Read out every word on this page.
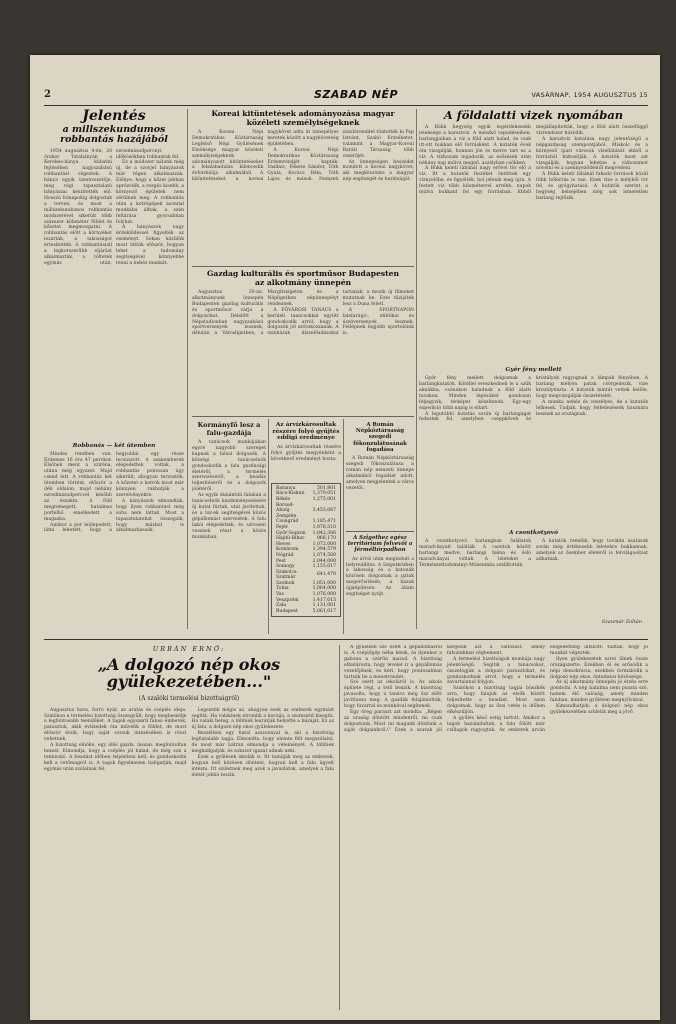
2	SZABAD NÉP	VASÁRNAP, 1954 AUGUSZTUS 15
Jelentés
a millszekundumos robbantás hazájából

1954 augusztus 4-én, 20 órakor Tatabányán a Kerekes-bánya külszíni fejtésében nagyszabású robbantást végeztek. A bánya egyik üzemvezetője, meg régi tapasztalatú bányászai készítették elő. Hosszú hónapokig dolgoztak a terven, és most a millszekundumos robbantás módszerével sikerült több százezer köbméter földet és kőzetet megmozgatni. A robbantás előtt a környéket lezárták, a lakosságot értesítették. A robbantásnál a legkorszerűbb eljárást alkalmazták, a töltetek egymás után, ezredmásodpercnyi időközökben robbantak fel.

Ez a módszer nálunk még új, de a szovjet bányászok már régen alkalmazzák. Előnye, hogy a kőzet jobban aprózódik, a rezgés kisebb, a környező épületek nem sérülnek meg. A robbantás után a kotrógépek azonnal munkába álltak, a szén feltárása gyorsabban folyhat.

A bányászok nagy érdeklődéssel figyelték az eseményt. Sokan közülük most látták először, hogyan lehet a tudomány segítségével könnyebbé tenni a nehéz munkát.

Robbanás — két ütemben

Mindez rendben van. Érdemes 16 óra 47 perckor. Elsőnek ment a sziréna, utána még egyszer. Majd csend lett. A robbantás két ütemben történt, először a déli oldalon, majd néhány ezredmásodperccel később az északin. A föld megremegett, hatalmas porfelhő emelkedett a magasba.

Amikor a por leülepedett, látni lehetett, hogy a hegyoldal egy része lecsúszott. A szakemberek elégedettek voltak, a robbantás pontosan úgy sikerült, ahogyan tervezték. A kőzetet a kotrók most már könnyen rakhatják a szerelvényekre.

A bányászok elmondták, hogy ilyen robbantást még soha nem láttak. Most a tapasztalatokat összegzik, hogy máshol is alkalmazhassák.

Koreai kitüntetések adományozása magyar közéleti személyiségeknek

A Koreai Népi Demokratikus Köztársaság Legfelső Népi Gyűlésének Elnöksége magyar közéleti személyiségeknek adományozott kitüntetéseket a felszabadulás kilencedik évfordulója alkalmából. A kitüntetéseket a koreai nagykövet adta át ünnepélyes keretek között a nagykövetség épületében.

A Koreai Népi Demokratikus Köztársaság Érdemrendjét kapták: Vasilnic, Fekete Sándor, Tóth Gyula, Kovács Béla, Tóth Lajos és mások. Nemzeti zászlórenddel tüntették ki Pap Istvánt, Szabó Erzsébetet, valamint a Magyar-Koreai Baráti Társaság több vezetőjét.

Az ünnepségen beszédet mondott a koreai nagykövet, aki megköszönte a magyar nép segítségét és barátságát.

A földalatti vizek nyomában

A Bükk hegység egyik legérdekesebb jelensége a karsztvíz. A mészkő repedéseiben, barlangjaiban a víz a föld alatt halad, és csak itt-ott bukkan elő forrásként. A kutatók évek óta vizsgálják, honnan jön és merre tart ez a víz. A vízhozam ingadozik, az esőzések után néhány nap múlva megnő, aszályban csökken.

A Bükk keleti lábánál nagy erővel tör elő a víz. Itt a kutatók festéket öntöttek egy víznyelőbe, és figyelték, hol jelenik meg újra. A festett víz több kilométerrel arrébb, napok múlva bukkant fel egy forrásban. Ebből megállapították, hogy a föld alatt összefüggő vízrendszer húzódik.

A karsztvíz kutatása nagy jelentőségű a népgazdaság szempontjából. Miskolc és a környező ipari városok vízellátását ebből a forrásból biztosítják. A kutatók most azt vizsgálják, hogyan lehetne a vízhozamot növelni és a szennyeződéstől megvédeni.

A Bükk keleti lábánál fakadó források közül több hőforrás is van. Ezek vize a mélyből tör fel, és gyógyhatású. A kutatók szerint a hegység belsejében még sok ismeretlen barlang rejtőzik.

Gyér fény mellett

Gyér fény mellett dolgoznak a barlangkutatók. Kötéllel ereszkednek le a szűk aknákba, csónakon haladnak a föld alatti tavakon. Minden lépésüket gondosan feljegyzik, térképet készítenek. Egy-egy expedíció több napig is eltart.

A legutóbbi kutatás során új barlangágat fedeztek fel, amelyben cseppkövek és kristályok ragyognak a lámpák fényében. A barlang mélyén patak csörgedezik, vize kristálytiszta. A kutatók mintát vettek belőle, hogy megvizsgálják összetételét.

A munka nehéz és veszélyes, de a kutatók lelkesek. Tudják, hogy felfedezéseik hasznára lesznek az országnak.

A csontkotyovó

A csontkotyovó barlangban ősállatok maradványait találták. A csontok között barlangi medve, barlangi hiéna és ősló maradványai voltak. A leleteket a Természettudományi Múzeumba szállították.

A kutatók remélik, hogy további ásatások során még értékesebb leletekre bukkannak, amelyek az ősember életéről is felvilágosítást adhatnak.

Szaumár Zoltán
Gazdag kulturális és sportműsor Budapesten az alkotmány ünnepén

Augusztus 20-án, alkotmányunk ünnepén Budapesten gazdag kulturális és sportműsor várja a dolgozókat. Délelőtt a Népstadionban nagyszabású sportversenyek lesznek, délután a Városligetben, a Margitszigeten és a Népligetben népünnepélyt rendeznek.

A FŐVÁROSI TANÁCS a kerületi tanácsokkal együtt gondoskodik arról, hogy a dolgozók jól szórakozzanak. A színházak díszelőadásokat tartanak, a mozik új filmeket mutatnak be. Este tűzijáték lesz a Duna felett.

A SPORTNAPON labdarúgó-, atlétikai és úszóversenyek lesznek. Fellépnek legjobb sportolóink is.

Kormányfő lesz a falu-gazdája

A tanácsok munkájában egyre nagyobb szerepet kapnak a falusi dolgozók. A községi tanácselnök gondoskodik a falu gazdasági életéről, a termelés szervezéséről, a beadás teljesítéséről és a dolgozók jólétéről.

Az egyik dunántúli faluban a tanácselnök kezdeményezésére új kutat fúrtak, utat javítottak, és a tsz-ek segítségével közös gépállomást szerveztek. A falu lakói elégedettek, és szívesen vesznek részt a közös munkában.

Az árvízkárosultak részére folyó gyűjtés eddigi eredménye

Az árvízkárosultak részére folyó gyűjtés megyénként a következő eredményt hozta:

Baranya	501,801
Bács-Kiskun	1,379,051
Békés	1,275,001
Borsod-Abaúj-Zemplén	3,455,087
Csongrád	1,185,471
Fejér	1,076,510
Győr-Sopron	1,042,306
Hajdú-Bihar	866,170
Heves	1,072,000
Komárom	1,394,579
Nógrád	1,074,500
Pest	2,044,000
Somogy	1,155,017
Szabolcs-Szatmár	641,470
Szolnok	1,051,000
Tolna	1,064,000
Vas	1,076,000
Veszprém	1,417,015
Zala	1,131,001
Budapest	5,061,017
A Román Népköztársaság szegedi főkonzulátusának fogadása

A Román Népköztársaság szegedi főkonzulátusa a román nép nemzeti ünnepe alkalmából fogadást adott, amelyen megjelentek a város vezetői.

A Szigethez egész territórium felvevői a férméltórpadhon

Az árvíz után megindult a helyreállítás. A Szigetközben a lakosság és a katonák közösen dolgoznak a gátak megerősítésén, a házak újjáépítésén. Az állam segítséget nyújt.

URBÁN ERNŐ:
„A dolgozó nép okos gyülekezetében..."
(A szalóki termelési bizottságról)

Augusztus hava, forró nyár, az aratás és cséplés ideje. Szalókon a termelési bizottság összegyűlt, hogy megbeszélje a legfontosabb teendőket. A tagok egyszerű falusi emberek, parasztok, akik évtizedek óta művelik a földet, de most először érzik, hogy saját sorsuk intézésében is részt vehetnek.

A bizottság elnöke, egy idős gazda, lassan, megfontoltan beszél. Elmondja, hogy a cséplés jól halad, de még sok a tennivaló. A beadást időben teljesíteni kell, és gondoskodni kell a vetőmagról is. A tagok figyelmesen hallgatják, majd egymás után szólalnak fel.

Legszebb mégis az, ahogyan ezek az emberek egymást segítik. Ha valakinek elromlik a kocsija, a szomszéd kisegíti. Ha valaki beteg, a többiek learatják helyette a búzáját. Ez az új falu, a dolgozó nép okos gyülekezete.

Beszéltem egy fiatal asszonnyal is, aki a bizottság legfiatalabb tagja. Elmondta, hogy eleinte félt megszólalni, de most már bátran elmondja a véleményét. A többiek meghallgatják, és sokszor igazat adnak neki.

Ezek a gyűlések iskolák is. Itt tanulják meg az emberek, hogyan kell közösen dönteni, hogyan kell a falu ügyeit intézni. Itt születnek meg azok a javaslatok, amelyek a falu életét jobbá teszik.

A gyűlésen szó esett a gépállomásról is. A cséplőgép néha késik, és ilyenkor a gabona a szérűn marad. A bizottság elhatározta, hogy levelet ír a gépállomás vezetőjének, és kéri, hogy pontosabban tartsák be a menetrendet.

Szó esett az iskoláról is. Az iskola épülete régi, a tető beázik. A bizottság javasolta, hogy a tanács még ősz előtt javíttassa meg. A gazdák felajánlották, hogy fuvarral és munkával segítenek.

Egy öreg paraszt azt mondta: „Régen az uraság döntött mindenről, mi csak dolgoztunk. Most mi magunk döntünk a saját dolgainkról.\" Ezek a szavak jól kifejezik azt a változást, amely falvainkban végbement.

A termelési bizottságok munkája nagy jelentőségű. Segítik a tanácsokat, összefogják a dolgozó parasztokat, és gondoskodnak arról, hogy a termelés zavartalanul folyjon.

Szalókon a bizottság tagjai büszkék arra, hogy falujuk az elsők között teljesítette a beadást. Most azon dolgoznak, hogy az őszi vetés is időben elkészüljön.

A gyűlés késő estig tartott. Amikor a tagok hazaindultak, a falu fölött már csillagok ragyogtak. Az emberek arcán elégedettség látszott: tudták, hogy jó munkát végeztek.

Ilyen gyülekezetek ezrei ülnek össze országszerte. Ezekben él és erősödik a népi demokrácia, ezekben formálódik a dolgozó nép okos, öntudatos közössége.

Az új alkotmány ünnepén jó érzés erre gondolni. A nép hatalma nem puszta szó, hanem élő valóság, amely minden faluban, minden gyűlésen megnyilvánul.

Kimondhatjuk: a dolgozó nép okos gyülekezetében születik meg a jövő.
